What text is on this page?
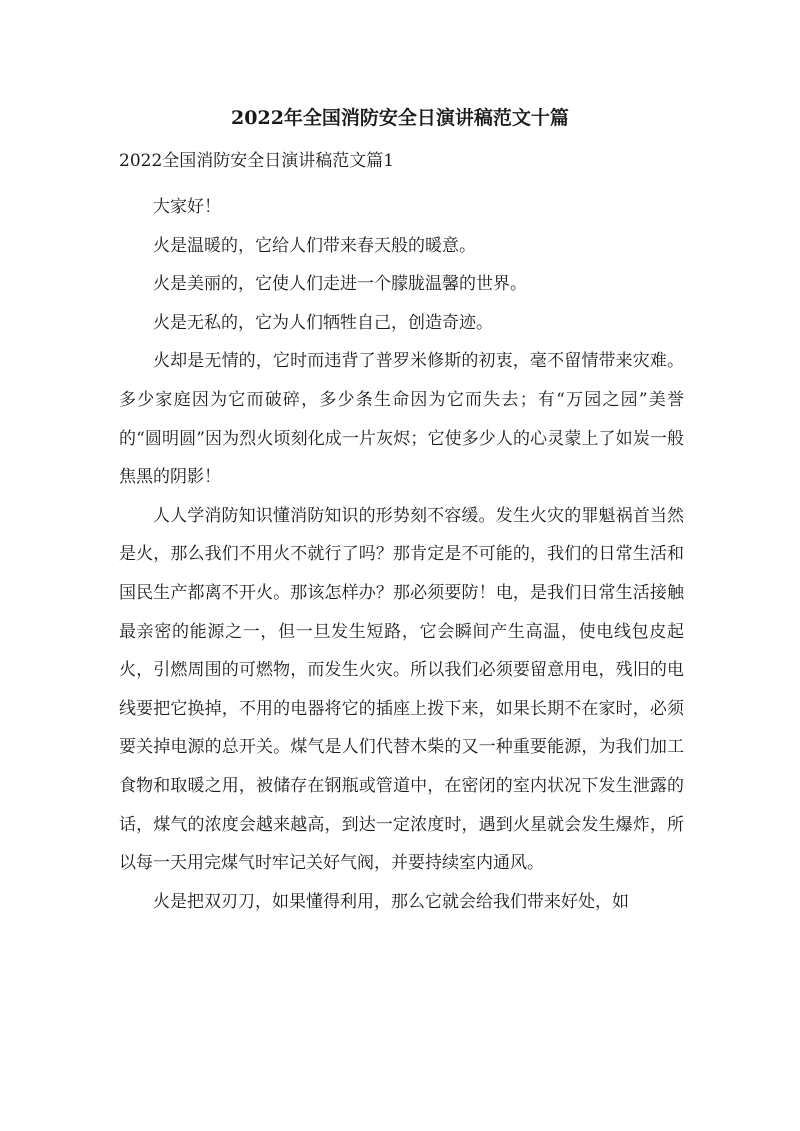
2022年全国消防安全日演讲稿范文十篇
2022全国消防安全日演讲稿范文篇1

大家好！

火是温暖的，它给人们带来春天般的暖意。

火是美丽的，它使人们走进一个朦胧温馨的世界。

火是无私的，它为人们牺牲自己，创造奇迹。

火却是无情的，它时而违背了普罗米修斯的初衷，毫不留情带来灾难。多少家庭因为它而破碎，多少条生命因为它而失去；有“万园之园”美誉的“圆明圆”因为烈火顷刻化成一片灰烬；它使多少人的心灵蒙上了如炭一般焦黑的阴影！

人人学消防知识懂消防知识的形势刻不容缓。发生火灾的罪魁祸首当然是火，那么我们不用火不就行了吗？那肯定是不可能的，我们的日常生活和国民生产都离不开火。那该怎样办？那必须要防！电，是我们日常生活接触最亲密的能源之一，但一旦发生短路，它会瞬间产生高温，使电线包皮起火，引燃周围的可燃物，而发生火灾。所以我们必须要留意用电，残旧的电线要把它换掉，不用的电器将它的插座上拨下来，如果长期不在家时，必须要关掉电源的总开关。煤气是人们代替木柴的又一种重要能源，为我们加工食物和取暖之用，被储存在钢瓶或管道中，在密闭的室内状况下发生泄露的话，煤气的浓度会越来越高，到达一定浓度时，遇到火星就会发生爆炸，所以每一天用完煤气时牢记关好气阀，并要持续室内通风。

火是把双刃刀，如果懂得利用，那么它就会给我们带来好处，如
